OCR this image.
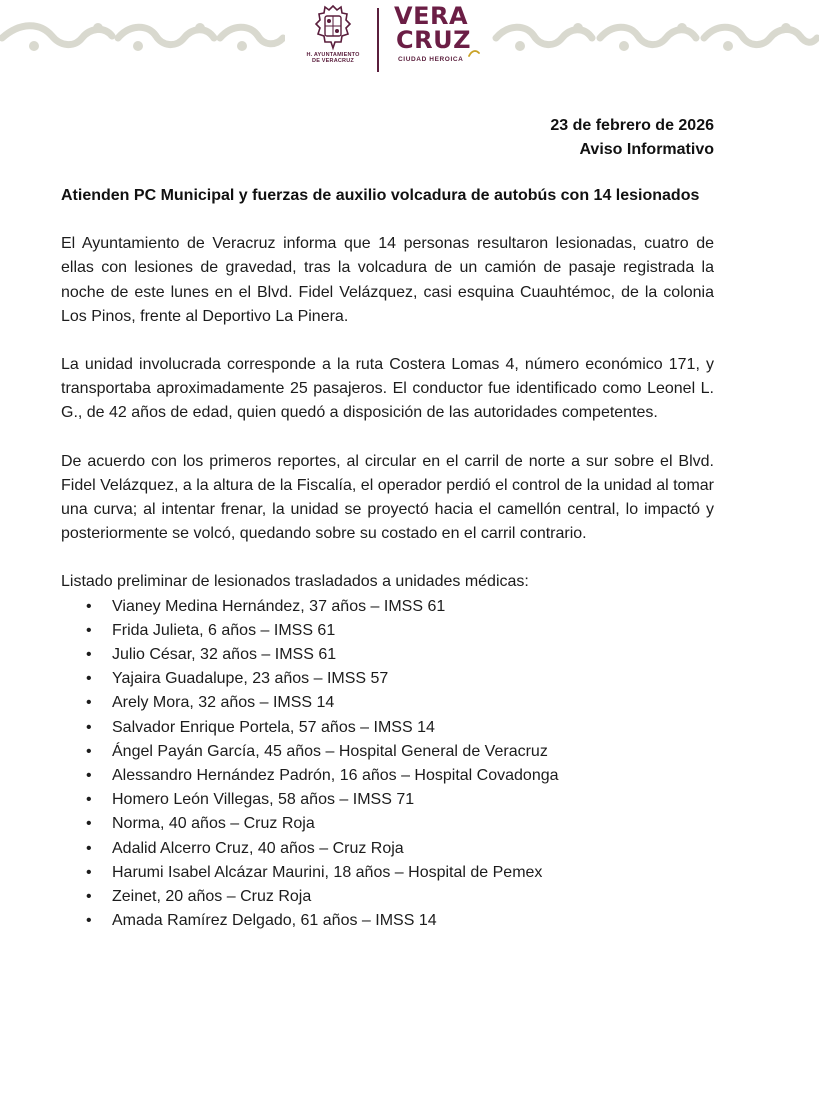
H. AYUNTAMIENTO
DE VERACRUZ
VERA
CRUZ
CIUDAD HEROICA
23 de febrero de 2026
Aviso Informativo

Atienden PC Municipal y fuerzas de auxilio volcadura de autobús con 14 lesionados

El Ayuntamiento de Veracruz informa que 14 personas resultaron lesionadas, cuatro de ellas con lesiones de gravedad, tras la volcadura de un camión de pasaje registrada la noche de este lunes en el Blvd. Fidel Velázquez, casi esquina Cuauhtémoc, de la colonia Los Pinos, frente al Deportivo La Pinera.

La unidad involucrada corresponde a la ruta Costera Lomas 4, número económico 171, y transportaba aproximadamente 25 pasajeros. El conductor fue identificado como Leonel L. G., de 42 años de edad, quien quedó a disposición de las autoridades competentes.

De acuerdo con los primeros reportes, al circular en el carril de norte a sur sobre el Blvd. Fidel Velázquez, a la altura de la Fiscalía, el operador perdió el control de la unidad al tomar una curva; al intentar frenar, la unidad se proyectó hacia el camellón central, lo impactó y posteriormente se volcó, quedando sobre su costado en el carril contrario.

Listado preliminar de lesionados trasladados a unidades médicas:

• Vianey Medina Hernández, 37 años – IMSS 61
• Frida Julieta, 6 años – IMSS 61
• Julio César, 32 años – IMSS 61
• Yajaira Guadalupe, 23 años – IMSS 57
• Arely Mora, 32 años – IMSS 14
• Salvador Enrique Portela, 57 años – IMSS 14
• Ángel Payán García, 45 años – Hospital General de Veracruz
• Alessandro Hernández Padrón, 16 años – Hospital Covadonga
• Homero León Villegas, 58 años – IMSS 71
• Norma, 40 años – Cruz Roja
• Adalid Alcerro Cruz, 40 años – Cruz Roja
• Harumi Isabel Alcázar Maurini, 18 años – Hospital de Pemex
• Zeinet, 20 años – Cruz Roja
• Amada Ramírez Delgado, 61 años – IMSS 14
